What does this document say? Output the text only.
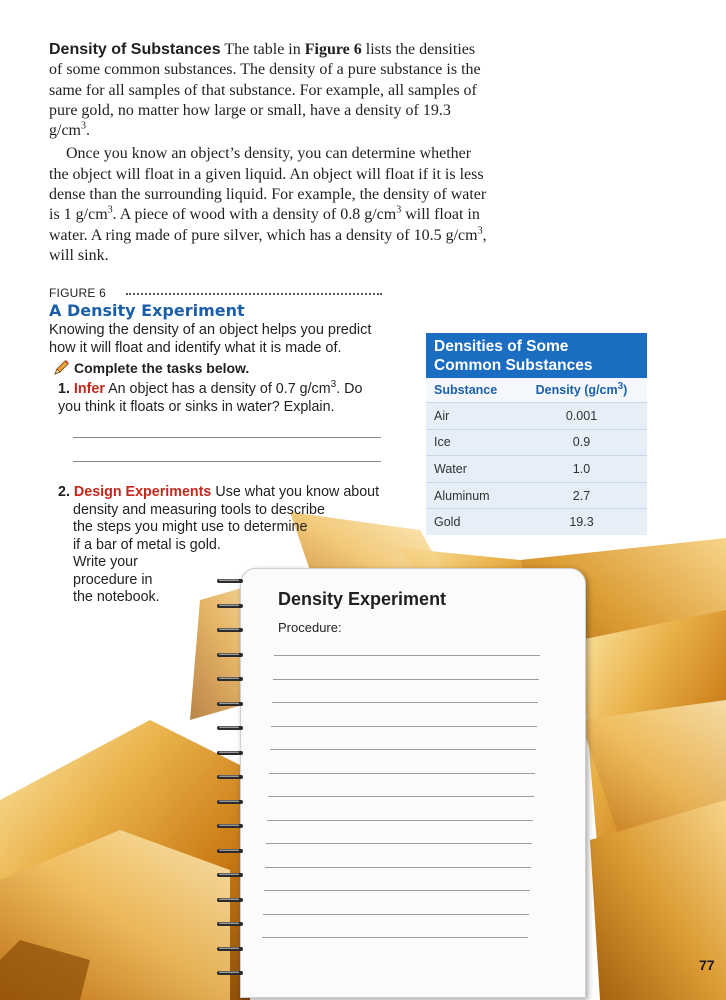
Density of Substances The table in Figure 6 lists the densities of some common substances. The density of a pure substance is the same for all samples of that substance. For example, all samples of pure gold, no matter how large or small, have a density of 19.3 $g/cm^3$.

Once you know an object’s density, you can determine whether the object will float in a given liquid. An object will float if it is less dense than the surrounding liquid. For example, the density of water is 1 $g/cm^3$. A piece of wood with a density of 0.8 $g/cm^3$ will float in water. A ring made of pure silver, which has a density of 10.5 $g/cm^3$, will sink.

FIGURE 6
A Density Experiment
Knowing the density of an object helps you predict how it will float and identify what it is made of.
Complete the tasks below.
1. Infer An object has a density of 0.7 $g/cm^3$. Do you think it floats or sinks in water? Explain.
2. Design Experiments Use what you know about
density and measuring tools to describe
the steps you might use to determine
if a bar of metal is gold.
Write your
procedure in
the notebook.
Densities of Some
Common Substances
Substance	Density $(g/cm^3)$
Air	0.001
Ice	0.9
Water	1.0
Aluminum	2.7
Gold	19.3
Density Experiment
Procedure:
77
